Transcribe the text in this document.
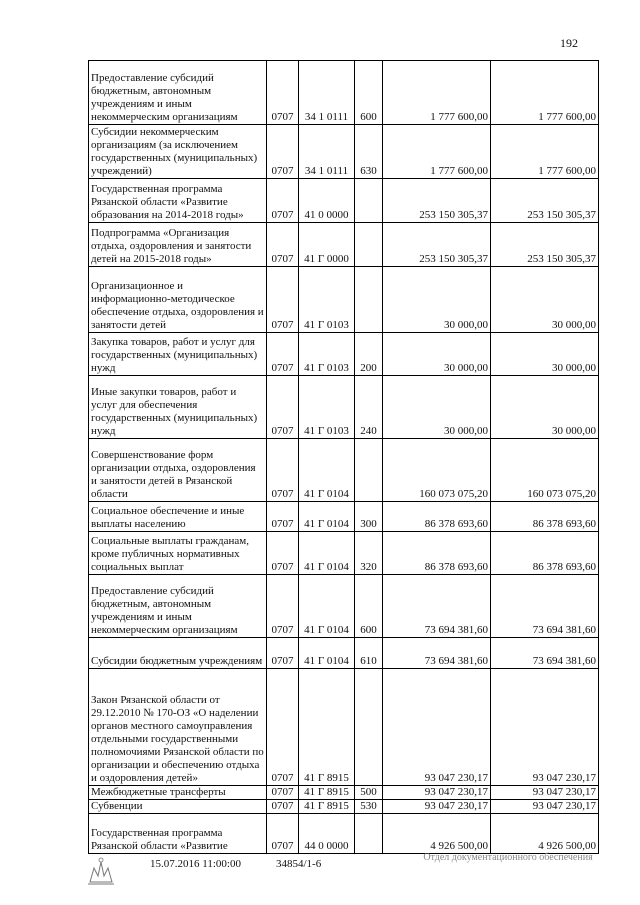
192
Предоставление субсидий бюджетным, автономным учреждениям и иным некоммерческим организациям	0707	34 1 0111	600	1 777 600,00	1 777 600,00

Субсидии некоммерческим организациям (за исключением государственных (муниципальных) учреждений)	0707	34 1 0111	630	1 777 600,00	1 777 600,00

Государственная программа Рязанской области «Развитие образования на 2014-2018 годы»	0707	41 0 0000		253 150 305,37	253 150 305,37

Подпрограмма «Организация отдыха, оздоровления и занятости детей на 2015-2018 годы»	0707	41 Г 0000		253 150 305,37	253 150 305,37

Организационное и информационно-методическое обеспечение отдыха, оздоровления и занятости детей	0707	41 Г 0103		30 000,00	30 000,00

Закупка товаров, работ и услуг для государственных (муниципальных) нужд	0707	41 Г 0103	200	30 000,00	30 000,00

Иные закупки товаров, работ и услуг для обеспечения государственных (муниципальных) нужд	0707	41 Г 0103	240	30 000,00	30 000,00

Совершенствование форм организации отдыха, оздоровления и занятости детей в Рязанской области	0707	41 Г 0104		160 073 075,20	160 073 075,20

Социальное обеспечение и иные выплаты населению	0707	41 Г 0104	300	86 378 693,60	86 378 693,60

Социальные выплаты гражданам, кроме публичных нормативных социальных выплат	0707	41 Г 0104	320	86 378 693,60	86 378 693,60

Предоставление субсидий бюджетным, автономным учреждениям и иным некоммерческим организациям	0707	41 Г 0104	600	73 694 381,60	73 694 381,60

Субсидии бюджетным учреждениям	0707	41 Г 0104	610	73 694 381,60	73 694 381,60

Закон Рязанской области от 29.12.2010 № 170-ОЗ «О наделении органов местного самоуправления отдельными государственными полномочиями Рязанской области по организации и обеспечению отдыха и оздоровления детей»	0707	41 Г 8915		93 047 230,17	93 047 230,17

Межбюджетные трансферты	0707	41 Г 8915	500	93 047 230,17	93 047 230,17

Субвенции	0707	41 Г 8915	530	93 047 230,17	93 047 230,17

Государственная программа Рязанской области «Развитие	0707	44 0 0000		4 926 500,00	4 926 500,00
15.07.2016 11:00:00	34854/1-6
Отдел документационного обеспечения
